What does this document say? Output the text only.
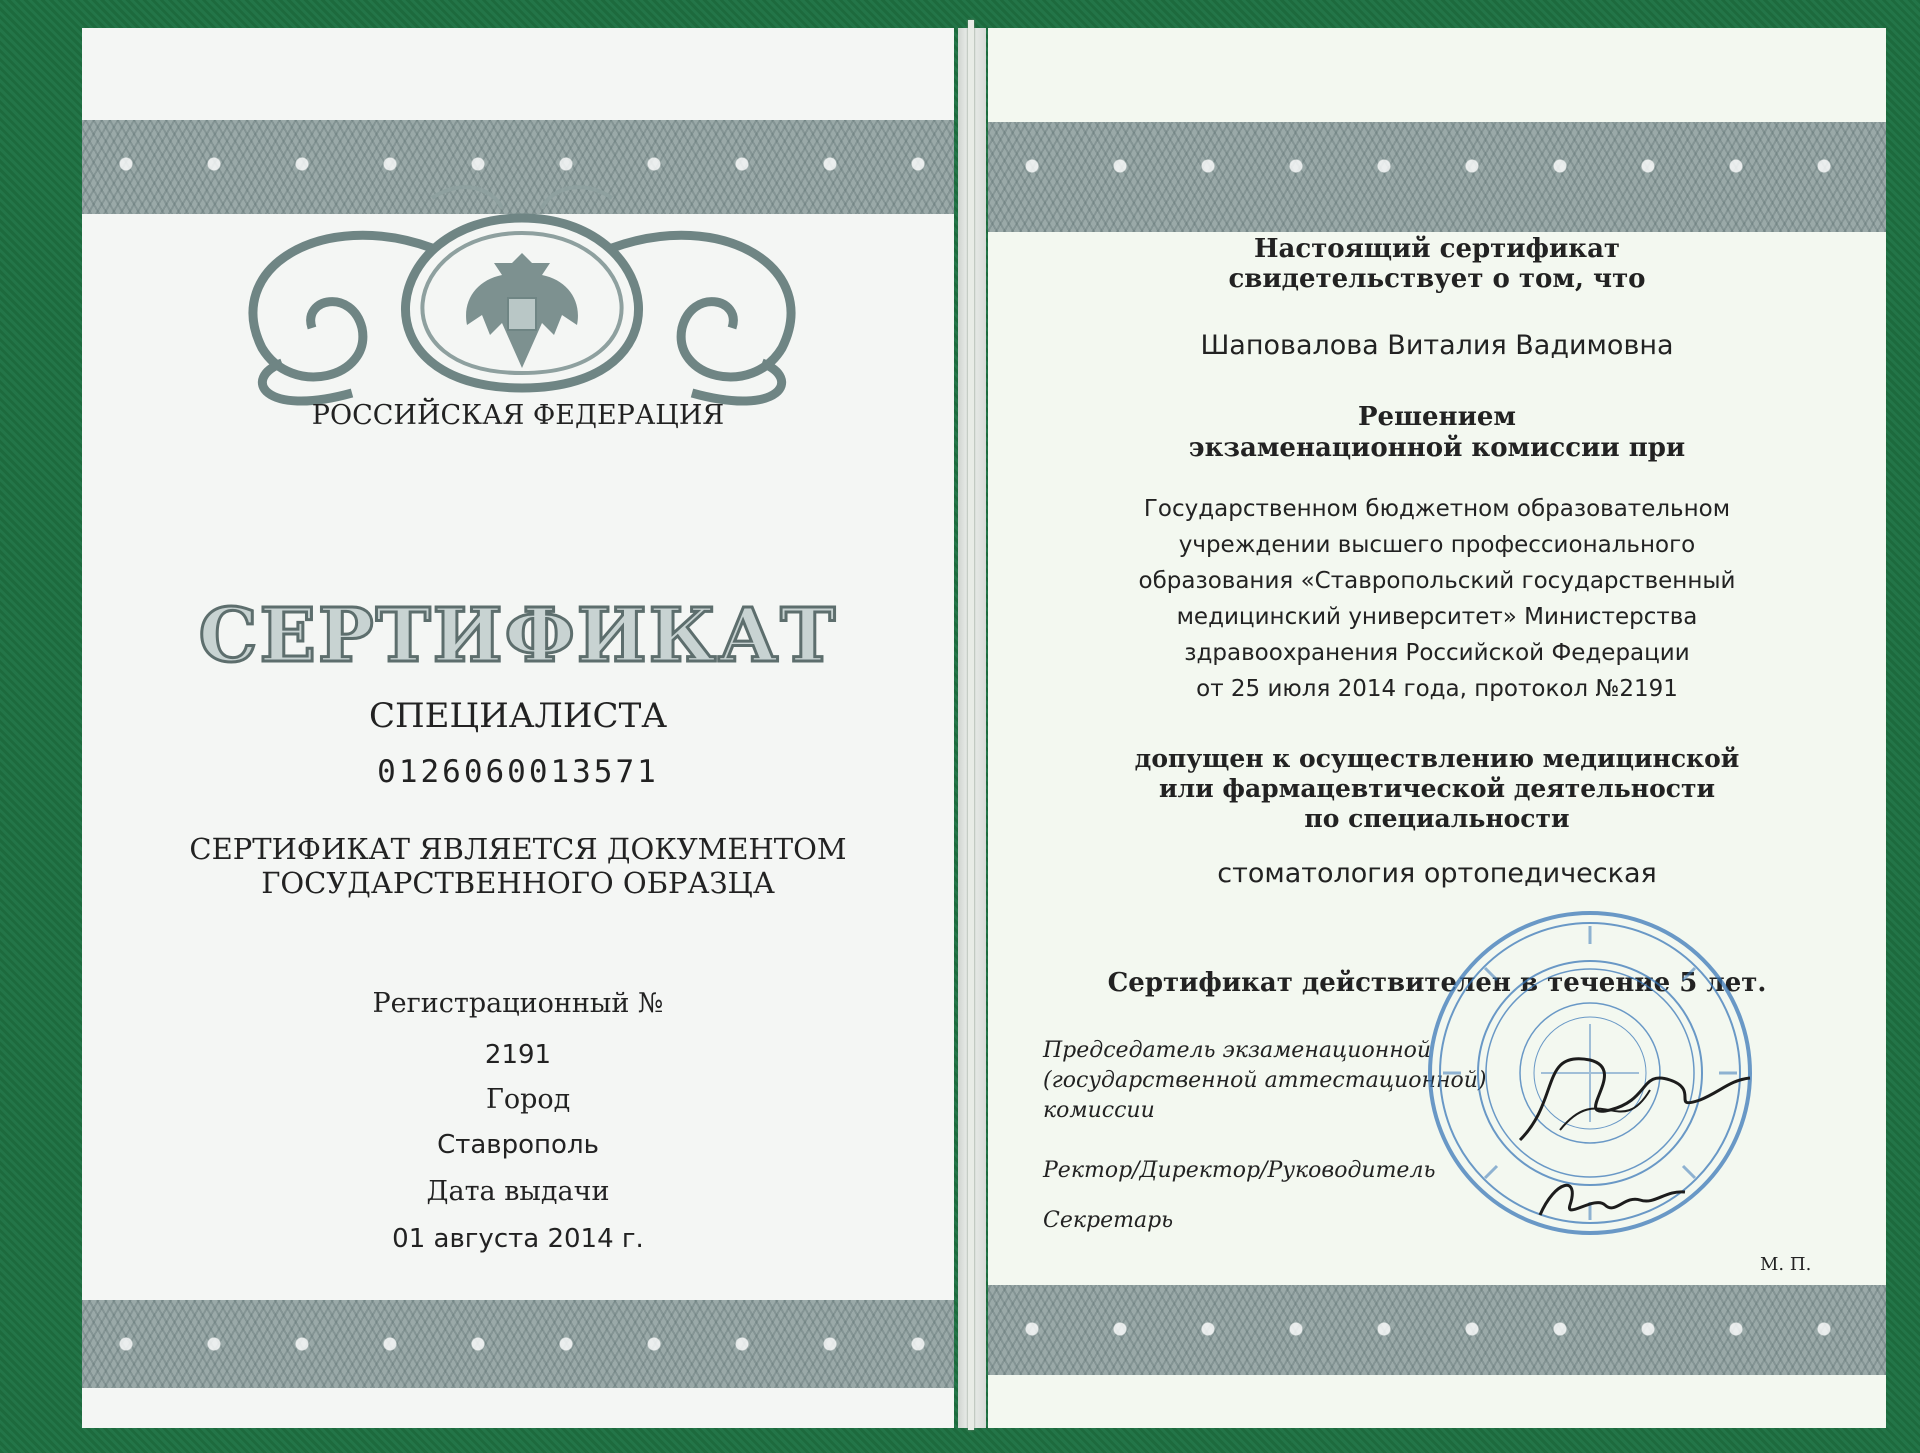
РОССИЙСКАЯ ФЕДЕРАЦИЯ
СЕРТИФИКАТ
СПЕЦИАЛИСТА
0126060013571
СЕРТИФИКАТ ЯВЛЯЕТСЯ ДОКУМЕНТОМ
ГОСУДАРСТВЕННОГО ОБРАЗЦА
Регистрационный №
2191
Город
Ставрополь
Дата выдачи
01 августа 2014 г.
Настоящий сертификат
свидетельствует о том, что
Шаповалова Виталия Вадимовна
Решением
экзаменационной комиссии при
Государственном бюджетном образовательном
учреждении высшего профессионального
образования «Ставропольский государственный
медицинский университет» Министерства
здравоохранения Российской Федерации
от 25 июля 2014 года, протокол №2191
допущен к осуществлению медицинской
или фармацевтической деятельности
по специальности
стоматология ортопедическая
Сертификат действителен в течение 5 лет.
Председатель экзаменационной
(государственной аттестационной)
комиссии
Ректор/Директор/Руководитель
Секретарь
М. П.
